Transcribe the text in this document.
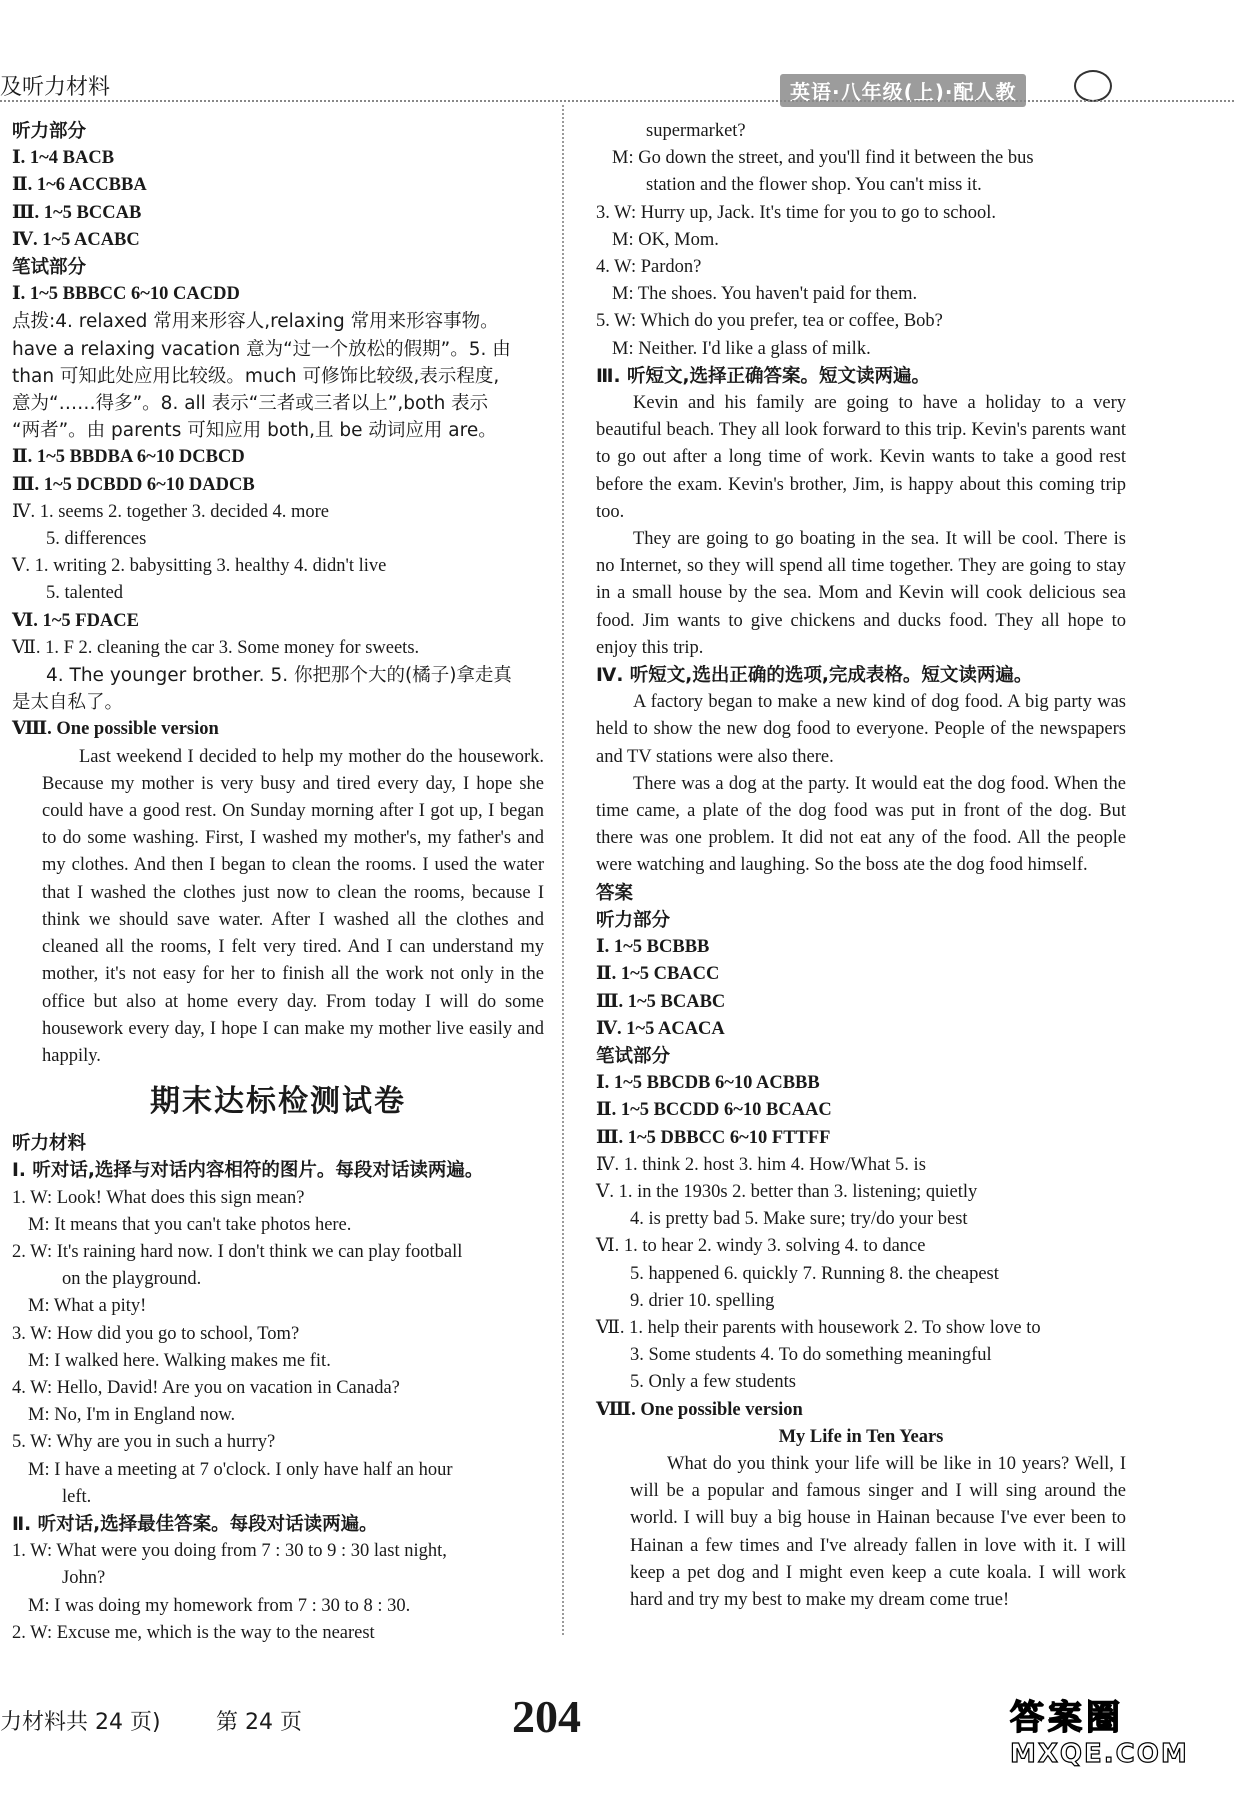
及听力材料	英语·八年级(上)·配人教
听力部分
Ⅰ. 1~4 BACB
Ⅱ. 1~6 ACCBBA
Ⅲ. 1~5 BCCAB
Ⅳ. 1~5 ACABC
笔试部分
Ⅰ. 1~5 BBBCC 6~10 CACDD
点拨:4. relaxed 常用来形容人,relaxing 常用来形容事物。
have a relaxing vacation 意为“过一个放松的假期”。5. 由
than 可知此处应用比较级。much 可修饰比较级,表示程度,
意为“……得多”。8. all 表示“三者或三者以上”,both 表示
“两者”。由 parents 可知应用 both,且 be 动词应用 are。
Ⅱ. 1~5 BBDBA 6~10 DCBCD
Ⅲ. 1~5 DCBDD 6~10 DADCB
Ⅳ. 1. seems 2. together 3. decided 4. more
5. differences
Ⅴ. 1. writing 2. babysitting 3. healthy 4. didn't live
5. talented
Ⅵ. 1~5 FDACE
Ⅶ. 1. F 2. cleaning the car 3. Some money for sweets.
4. The younger brother. 5. 你把那个大的(橘子)拿走真
是太自私了。
Ⅷ. One possible version

Last weekend I decided to help my mother do the housework. Because my mother is very busy and tired every day, I hope she could have a good rest. On Sunday morning after I got up, I began to do some washing. First, I washed my mother's, my father's and my clothes. And then I began to clean the rooms. I used the water that I washed the clothes just now to clean the rooms, because I think we should save water. After I washed all the clothes and cleaned all the rooms, I felt very tired. And I can understand my mother, it's not easy for her to finish all the work not only in the office but also at home every day. From today I will do some housework every day, I hope I can make my mother live easily and happily.

期末达标检测试卷
听力材料
Ⅰ. 听对话,选择与对话内容相符的图片。每段对话读两遍。
1. W: Look! What does this sign mean?
M: It means that you can't take photos here.
2. W: It's raining hard now. I don't think we can play football
on the playground.
M: What a pity!
3. W: How did you go to school, Tom?
M: I walked here. Walking makes me fit.
4. W: Hello, David! Are you on vacation in Canada?
M: No, I'm in England now.
5. W: Why are you in such a hurry?
M: I have a meeting at 7 o'clock. I only have half an hour
left.
Ⅱ. 听对话,选择最佳答案。每段对话读两遍。
1. W: What were you doing from 7 : 30 to 9 : 30 last night,
John?
M: I was doing my homework from 7 : 30 to 8 : 30.
2. W: Excuse me, which is the way to the nearest
supermarket?
M: Go down the street, and you'll find it between the bus
station and the flower shop. You can't miss it.
3. W: Hurry up, Jack. It's time for you to go to school.
M: OK, Mom.
4. W: Pardon?
M: The shoes. You haven't paid for them.
5. W: Which do you prefer, tea or coffee, Bob?
M: Neither. I'd like a glass of milk.
Ⅲ. 听短文,选择正确答案。短文读两遍。

Kevin and his family are going to have a holiday to a very beautiful beach. They all look forward to this trip. Kevin's parents want to go out after a long time of work. Kevin wants to take a good rest before the exam. Kevin's brother, Jim, is happy about this coming trip too.

They are going to go boating in the sea. It will be cool. There is no Internet, so they will spend all time together. They are going to stay in a small house by the sea. Mom and Kevin will cook delicious sea food. Jim wants to give chickens and ducks food. They all hope to enjoy this trip.

Ⅳ. 听短文,选出正确的选项,完成表格。短文读两遍。

A factory began to make a new kind of dog food. A big party was held to show the new dog food to everyone. People of the newspapers and TV stations were also there.

There was a dog at the party. It would eat the dog food. When the time came, a plate of the dog food was put in front of the dog. But there was one problem. It did not eat any of the food. All the people were watching and laughing. So the boss ate the dog food himself.

答案
听力部分
Ⅰ. 1~5 BCBBB
Ⅱ. 1~5 CBACC
Ⅲ. 1~5 BCABC
Ⅳ. 1~5 ACACA
笔试部分
Ⅰ. 1~5 BBCDB 6~10 ACBBB
Ⅱ. 1~5 BCCDD 6~10 BCAAC
Ⅲ. 1~5 DBBCC 6~10 FTTFF
Ⅳ. 1. think 2. host 3. him 4. How/What 5. is
Ⅴ. 1. in the 1930s 2. better than 3. listening; quietly
4. is pretty bad 5. Make sure; try/do your best
Ⅵ. 1. to hear 2. windy 3. solving 4. to dance
5. happened 6. quickly 7. Running 8. the cheapest
9. drier 10. spelling
Ⅶ. 1. help their parents with housework 2. To show love to
3. Some students 4. To do something meaningful
5. Only a few students
Ⅷ. One possible version
My Life in Ten Years

What do you think your life will be like in 10 years? Well, I will be a popular and famous singer and I will sing around the world. I will buy a big house in Hainan because I've ever been to Hainan a few times and I've already fallen in love with it. I will keep a pet dog and I might even keep a cute koala. I will work hard and try my best to make my dream come true!

力材料共 24 页)	第 24 页	204	答案圈
MXQE.COM
